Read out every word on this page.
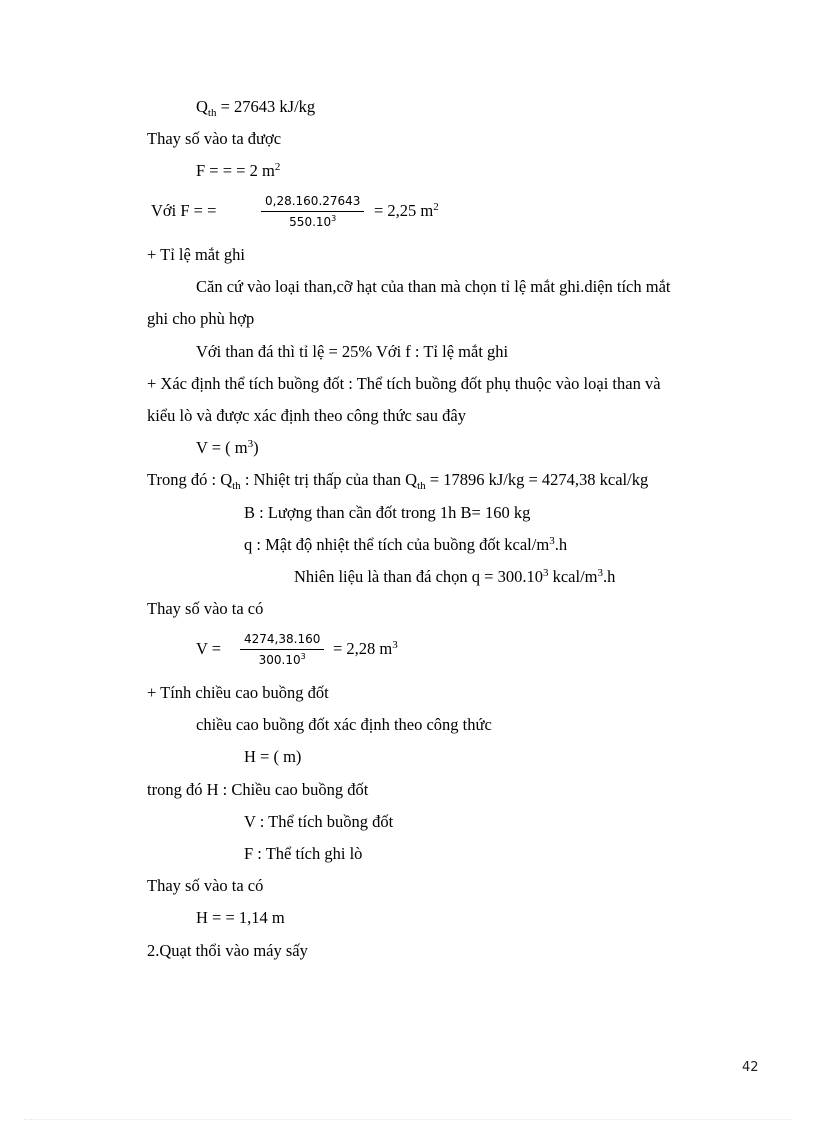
$Q_{th} = 27643$ kJ/kg
Thay số vào ta được
F = = = 2 $m^2$
Với F = =	0,28.160.27643
$550.10^3$	= 2,25 $m^2$
+ Tỉ lệ mắt ghi
Căn cứ vào loại than,cỡ hạt của than mà chọn tỉ lệ mắt ghi.diện tích mắt
ghi cho phù hợp
Với than đá thì tỉ lệ = 25% Với f : Tỉ lệ mắt ghi
+ Xác định thể tích buồng đốt : Thể tích buồng đốt phụ thuộc vào loại than và
kiểu lò và được xác định theo công thức sau đây
V = ( $m^3$)
Trong đó : $Q_{th}$ : Nhiệt trị thấp của than $Q_{th} = 17896$ kJ/kg = 4274,38 kcal/kg
B : Lượng than cần đốt trong 1h B= 160 kg
q : Mật độ nhiệt thể tích của buồng đốt kcal/$m^3.h$
Nhiên liệu là than đá chọn $q = 300.10^3$ kcal/$m^3.h$
Thay số vào ta có
V =	4274,38.160
$300.10^3$	= 2,28 $m^3$
+ Tính chiều cao buồng đốt
chiều cao buồng đốt xác định theo công thức
H = ( m)
trong đó H : Chiều cao buồng đốt
V : Thể tích buồng đốt
F : Thể tích ghi lò
Thay số vào ta có
H = = 1,14 m
2.Quạt thổi vào máy sấy
42
